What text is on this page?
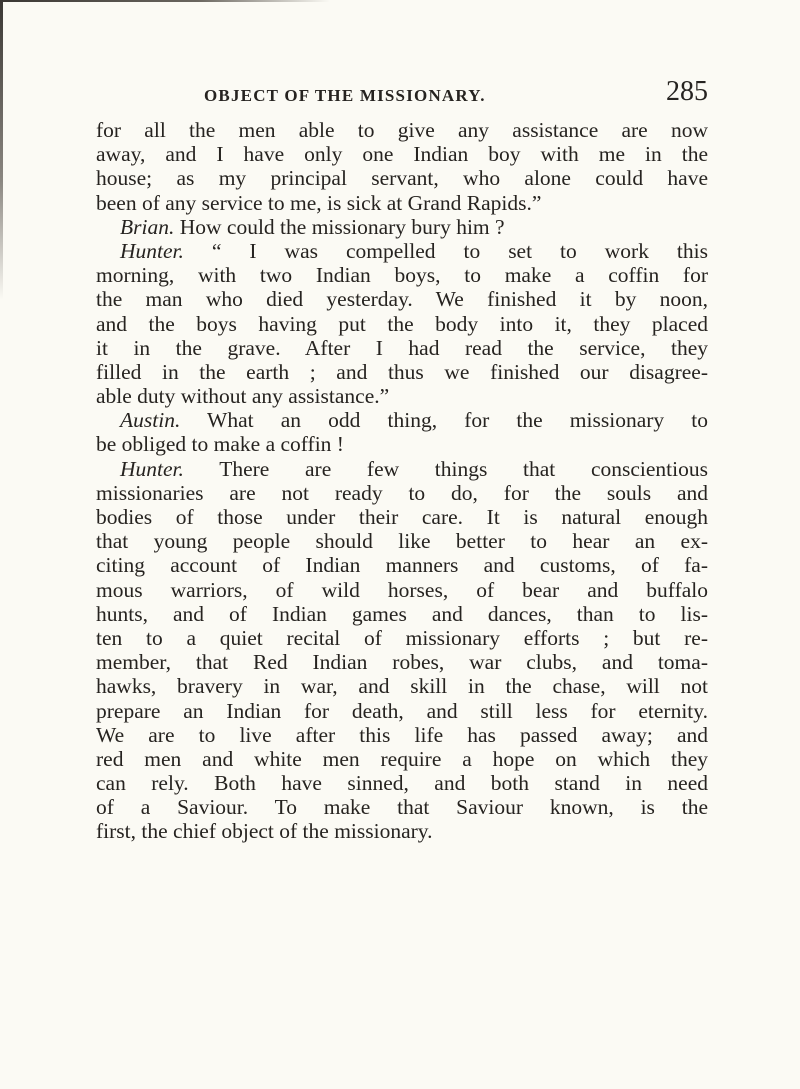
OBJECT OF THE MISSIONARY.	285
for all the men able to give any assistance are now
away, and I have only one Indian boy with me in the
house; as my principal servant, who alone could have
been of any service to me, is sick at Grand Rapids.”
Brian. How could the missionary bury him ?
Hunter. “ I was compelled to set to work this
morning, with two Indian boys, to make a coffin for
the man who died yesterday. We finished it by noon,
and the boys having put the body into it, they placed
it in the grave. After I had read the service, they
filled in the earth ; and thus we finished our disagree-
able duty without any assistance.”
Austin. What an odd thing, for the missionary to
be obliged to make a coffin !
Hunter. There are few things that conscientious
missionaries are not ready to do, for the souls and
bodies of those under their care. It is natural enough
that young people should like better to hear an ex-
citing account of Indian manners and customs, of fa-
mous warriors, of wild horses, of bear and buffalo
hunts, and of Indian games and dances, than to lis-
ten to a quiet recital of missionary efforts ; but re-
member, that Red Indian robes, war clubs, and toma-
hawks, bravery in war, and skill in the chase, will not
prepare an Indian for death, and still less for eternity.
We are to live after this life has passed away; and
red men and white men require a hope on which they
can rely. Both have sinned, and both stand in need
of a Saviour. To make that Saviour known, is the
first, the chief object of the missionary.
